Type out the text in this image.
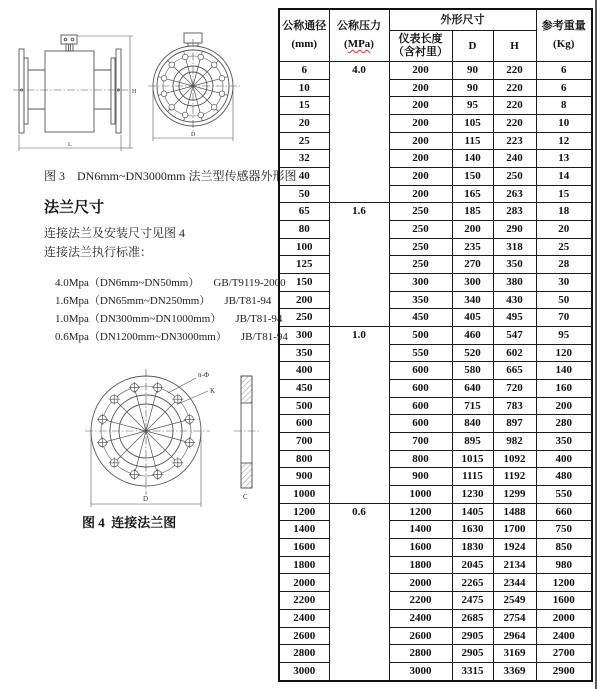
L
H
D
图 3    DN6mm~DN3000mm 法兰型传感器外形图
法兰尺寸
连接法兰及安装尺寸见图 4
连接法兰执行标准：

4.0Mpa（DN6mm~DN50mm） GB/T9119-2000

1.6Mpa（DN65mm~DN250mm） JB/T81-94

1.0Mpa（DN300mm~DN1000mm） JB/T81-94

0.6Mpa（DN1200mm~DN3000mm） JB/T81-94

n-Φ
K
D	C
图 4  连接法兰图
公称通径
(mm)

公称压力
(MPa)
	外形尺寸	
参考重量
(Kg)

		仪表长度
（含衬里）	D	H	
6	4.0	200	90	220	6
10		200	90	220	6
15		200	95	220	8
20		200	105	220	10
25		200	115	223	12
32		200	140	240	13
40		200	150	250	14
50		200	165	263	15
65	1.6	250	185	283	18
80		250	200	290	20
100		250	235	318	25
125		250	270	350	28
150		300	300	380	30
200		350	340	430	50
250		450	405	495	70
300	1.0	500	460	547	95
350		550	520	602	120
400		600	580	665	140
450		600	640	720	160
500		600	715	783	200
600		600	840	897	280
700		700	895	982	350
800		800	1015	1092	400
900		900	1115	1192	480
1000		1000	1230	1299	550
1200	0.6	1200	1405	1488	660
1400		1400	1630	1700	750
1600		1600	1830	1924	850
1800		1800	2045	2134	980
2000		2000	2265	2344	1200
2200		2200	2475	2549	1600
2400		2400	2685	2754	2000
2600		2600	2905	2964	2400
2800		2800	2905	3169	2700
3000		3000	3315	3369	2900
